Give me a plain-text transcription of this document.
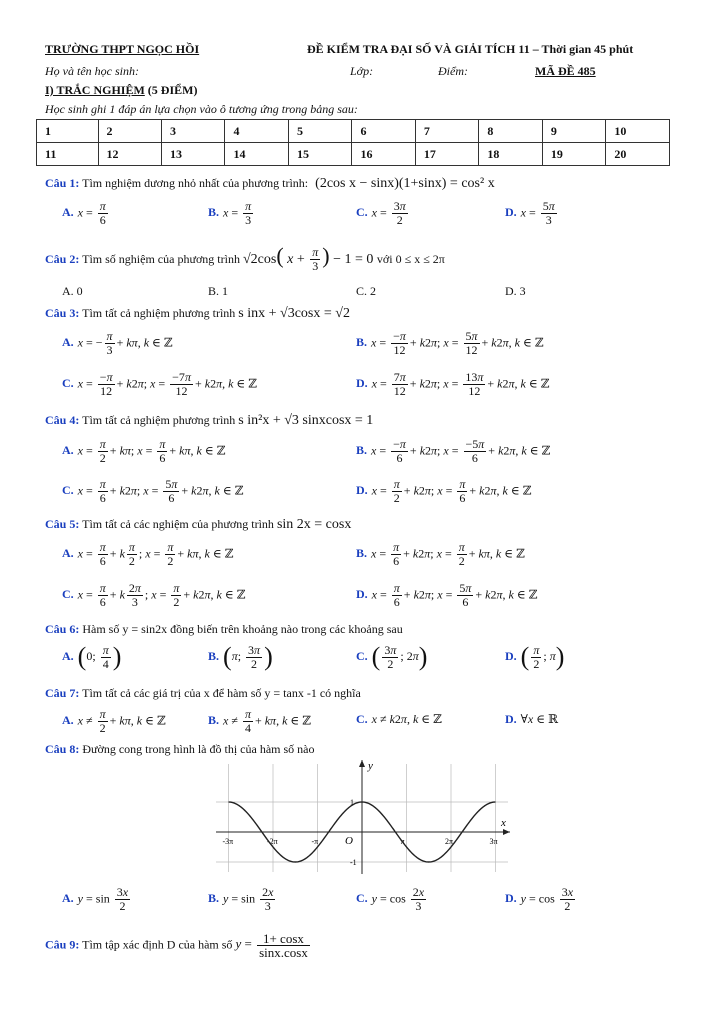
TRƯỜNG THPT NGỌC HỒI	ĐỀ KIỂM TRA ĐẠI SỐ VÀ GIẢI TÍCH 11 – Thời gian 45 phút
Họ và tên học sinh:	Lớp:	Điểm:	MÃ ĐỀ 485
I) TRẮC NGHIỆM (5 ĐIỂM)
Học sinh ghi 1 đáp án lựa chọn vào ô tương ứng trong bảng sau:
1	2	3	4	5	6	7	8	9	10
11	12	13	14	15	16	17	18	19	20
Câu 1: Tìm nghiệm dương nhỏ nhất của phương trình: (2cos x − sinx)(1+sinx) = cos² x
A. $x = \frac{\pi}{6}$	B. $x = \frac{\pi}{3}$	C. $x = \frac{3\pi}{2}$	D. $x = \frac{5\pi}{3}$
Câu 2: Tìm số nghiệm của phương trình √2cos( $x + \frac{\pi}{3}$ ) − 1 = 0 với 0 ≤ x ≤ 2π
A. 0	B. 1	C. 2	D. 3
Câu 3: Tìm tất cả nghiệm phương trình s inx + √3cosx = √2
A. x = − $\frac{\pi}{3} + k\pi$, k ∈ ℤ	B. $x = \frac{-\pi}{12} + k2\pi$; $x = \frac{5\pi}{12} + k2\pi$, k ∈ ℤ
C. $x = \frac{-\pi}{12} + k2\pi$; $x = \frac{-7\pi}{12} + k2\pi$, k ∈ ℤ	D. $x = \frac{7\pi}{12} + k2\pi$; $x = \frac{13\pi}{12} + k2\pi$, k ∈ ℤ
Câu 4: Tìm tất cả nghiệm phương trình s in²x + √3 sinxcosx = 1
A. $x = \frac{\pi}{2} + k\pi$; $x = \frac{\pi}{6} + k\pi$, k ∈ ℤ	B. $x = \frac{-\pi}{6} + k2\pi$; $x = \frac{-5\pi}{6} + k2\pi$, k ∈ ℤ
C. $x = \frac{\pi}{6} + k2\pi$; $x = \frac{5\pi}{6} + k2\pi$, k ∈ ℤ	D. $x = \frac{\pi}{2} + k2\pi$; $x = \frac{\pi}{6} + k2\pi$, k ∈ ℤ
Câu 5: Tìm tất cả các nghiệm của phương trình sin 2x = cosx
A. $x = \frac{\pi}{6} + k \frac{\pi}{2}$ ; $x = \frac{\pi}{2} + k\pi$, k ∈ ℤ	B. $x = \frac{\pi}{6} + k2\pi$; $x = \frac{\pi}{2} + k\pi$, k ∈ ℤ
C. $x = \frac{\pi}{6} + k \frac{2\pi}{3}$ ; $x = \frac{\pi}{2} + k2\pi$, k ∈ ℤ	D. $x = \frac{\pi}{6} + k2\pi$; $x = \frac{5\pi}{6} + k2\pi$, k ∈ ℤ
Câu 6: Hàm số y = sin2x đồng biến trên khoảng nào trong các khoảng sau
A. (0; $\frac{\pi}{4}$ )	B. (π; $\frac{3\pi}{2}$ )	C. ( $\frac{3\pi}{2}$ ; 2π)	D. ( $\frac{\pi}{2}$ ; π)
Câu 7: Tìm tất cả các giá trị của x để hàm số y = tanx -1 có nghĩa
A. $x \ne \frac{\pi}{2} + k\pi$, k ∈ ℤ	B. $x \ne \frac{\pi}{4} + k\pi$, k ∈ ℤ	C. x ≠ k2π, k ∈ ℤ	D. ∀x ∈ ℝ
Câu 8: Đường cong trong hình là đồ thị của hàm số nào
y
x
O
-3π	-2π	-π	π	2π	3π
1
-1
A. $y = \sin \frac{3x}{2}$	B. $y = \sin \frac{2x}{3}$	C. $y = \cos \frac{2x}{3}$	D. $y = \cos \frac{3x}{2}$
Câu 9: Tìm tập xác định D của hàm số $y = \frac{1+ \cos x}{\sin x.\cos x}$
